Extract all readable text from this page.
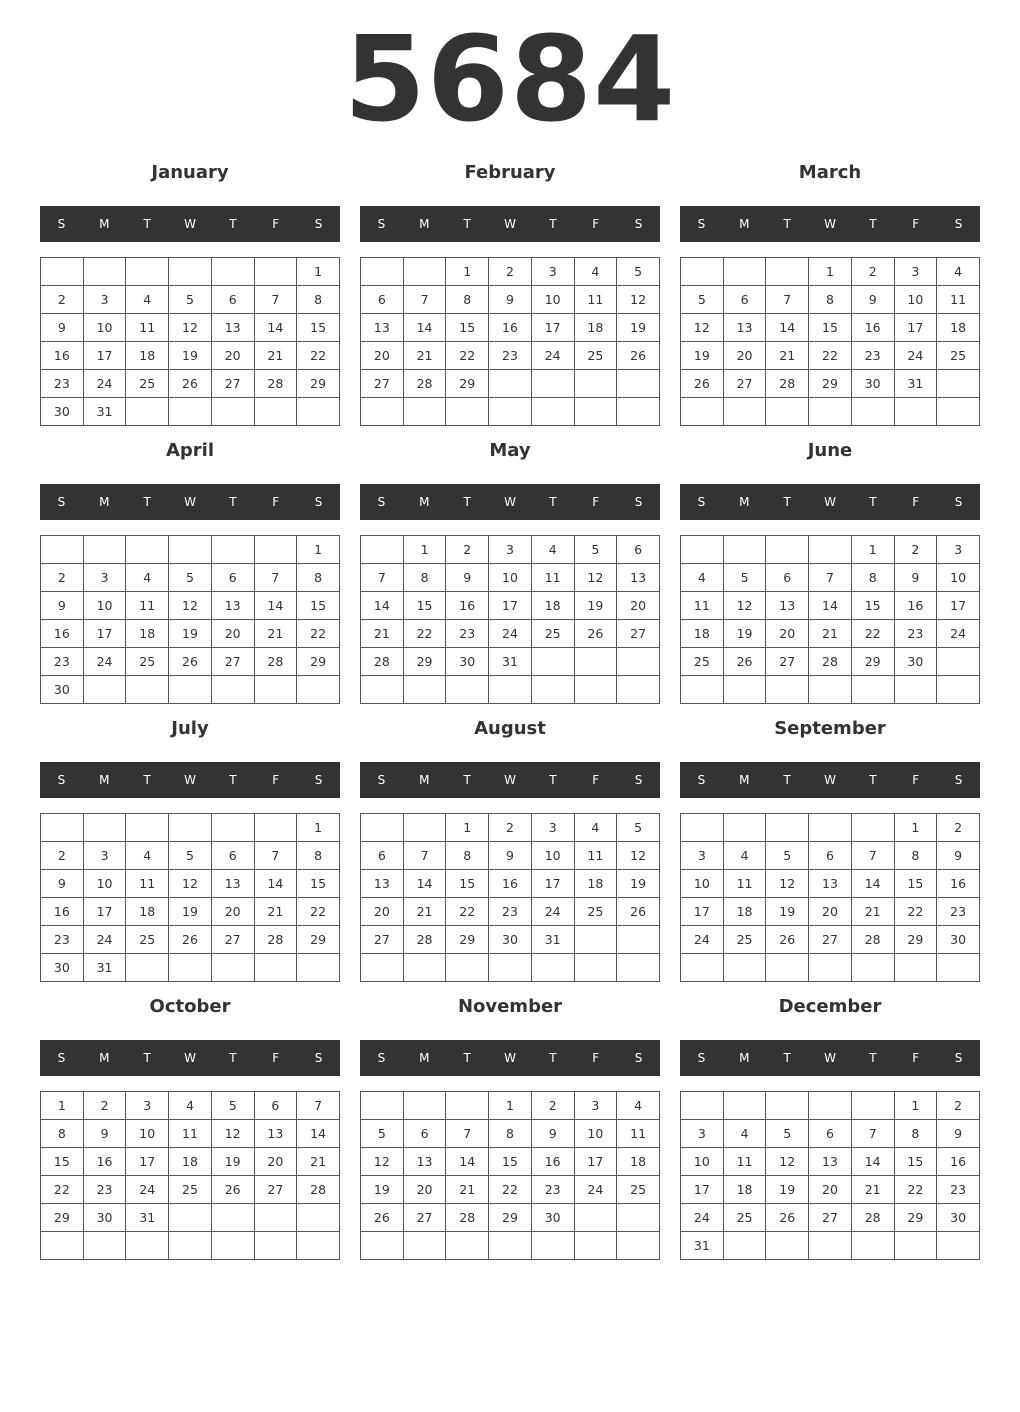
5684
January
S	M	T	W	T	F	S
						1
2	3	4	5	6	7	8
9	10	11	12	13	14	15
16	17	18	19	20	21	22
23	24	25	26	27	28	29
30	31					
February
S	M	T	W	T	F	S
		1	2	3	4	5
6	7	8	9	10	11	12
13	14	15	16	17	18	19
20	21	22	23	24	25	26
27	28	29				

March
S	M	T	W	T	F	S
			1	2	3	4
5	6	7	8	9	10	11
12	13	14	15	16	17	18
19	20	21	22	23	24	25
26	27	28	29	30	31	

April
S	M	T	W	T	F	S
						1
2	3	4	5	6	7	8
9	10	11	12	13	14	15
16	17	18	19	20	21	22
23	24	25	26	27	28	29
30						
May
S	M	T	W	T	F	S
	1	2	3	4	5	6
7	8	9	10	11	12	13
14	15	16	17	18	19	20
21	22	23	24	25	26	27
28	29	30	31			

June
S	M	T	W	T	F	S
				1	2	3
4	5	6	7	8	9	10
11	12	13	14	15	16	17
18	19	20	21	22	23	24
25	26	27	28	29	30	

July
S	M	T	W	T	F	S
						1
2	3	4	5	6	7	8
9	10	11	12	13	14	15
16	17	18	19	20	21	22
23	24	25	26	27	28	29
30	31					
August
S	M	T	W	T	F	S
		1	2	3	4	5
6	7	8	9	10	11	12
13	14	15	16	17	18	19
20	21	22	23	24	25	26
27	28	29	30	31		

September
S	M	T	W	T	F	S
					1	2
3	4	5	6	7	8	9
10	11	12	13	14	15	16
17	18	19	20	21	22	23
24	25	26	27	28	29	30

October
S	M	T	W	T	F	S
1	2	3	4	5	6	7
8	9	10	11	12	13	14
15	16	17	18	19	20	21
22	23	24	25	26	27	28
29	30	31				

November
S	M	T	W	T	F	S
			1	2	3	4
5	6	7	8	9	10	11
12	13	14	15	16	17	18
19	20	21	22	23	24	25
26	27	28	29	30		

December
S	M	T	W	T	F	S
					1	2
3	4	5	6	7	8	9
10	11	12	13	14	15	16
17	18	19	20	21	22	23
24	25	26	27	28	29	30
31						
